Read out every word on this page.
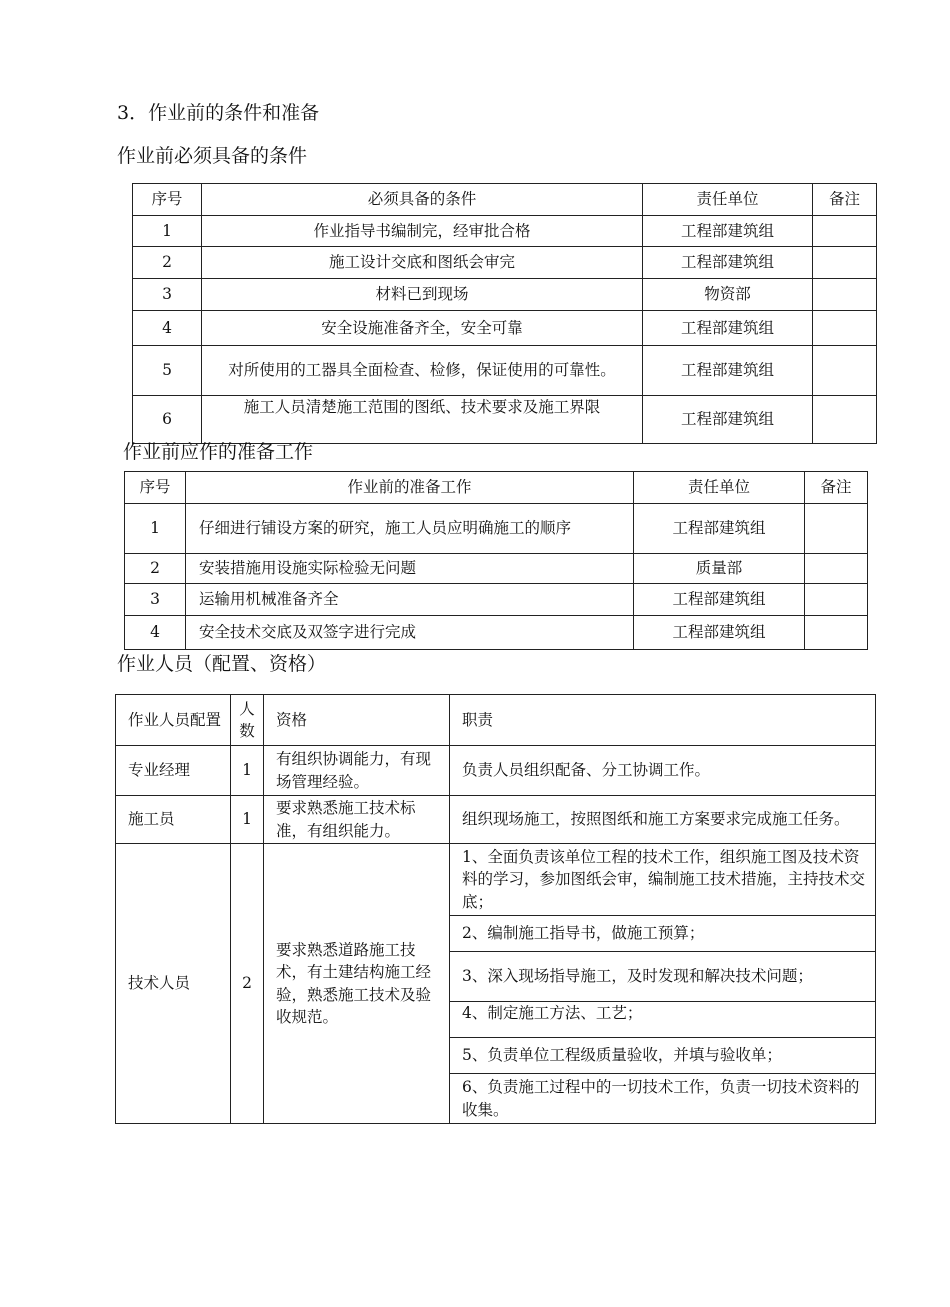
3．作业前的条件和准备
作业前必须具备的条件
序号	必须具备的条件	责任单位	备注
1	作业指导书编制完，经审批合格	工程部建筑组	
2	施工设计交底和图纸会审完	工程部建筑组	
3	材料已到现场	物资部	
4	安全设施准备齐全，安全可靠	工程部建筑组	
5	对所使用的工器具全面检查、检修，保证使用的可靠性。	工程部建筑组	
6	施工人员清楚施工范围的图纸、技术要求及施工界限	工程部建筑组	
作业前应作的准备工作
序号	作业前的准备工作	责任单位	备注
1	仔细进行铺设方案的研究，施工人员应明确施工的顺序	工程部建筑组	
2	安装措施用设施实际检验无问题	质量部	
3	运输用机械准备齐全	工程部建筑组	
4	安全技术交底及双签字进行完成	工程部建筑组	
作业人员（配置、资格）
作业人员配置	人数	资格	职责
专业经理	1	有组织协调能力，有现场管理经验。	负责人员组织配备、分工协调工作。
施工员	1	要求熟悉施工技术标准，有组织能力。	组织现场施工，按照图纸和施工方案要求完成施工任务。
技术人员	2	要求熟悉道路施工技术，有土建结构施工经验，熟悉施工技术及验收规范。	1、全面负责该单位工程的技术工作，组织施工图及技术资料的学习，参加图纸会审，编制施工技术措施，主持技术交底；
			2、编制施工指导书，做施工预算；
			3、深入现场指导施工，及时发现和解决技术问题；
			4、制定施工方法、工艺；
			5、负责单位工程级质量验收，并填与验收单；
			6、负责施工过程中的一切技术工作，负责一切技术资料的收集。
